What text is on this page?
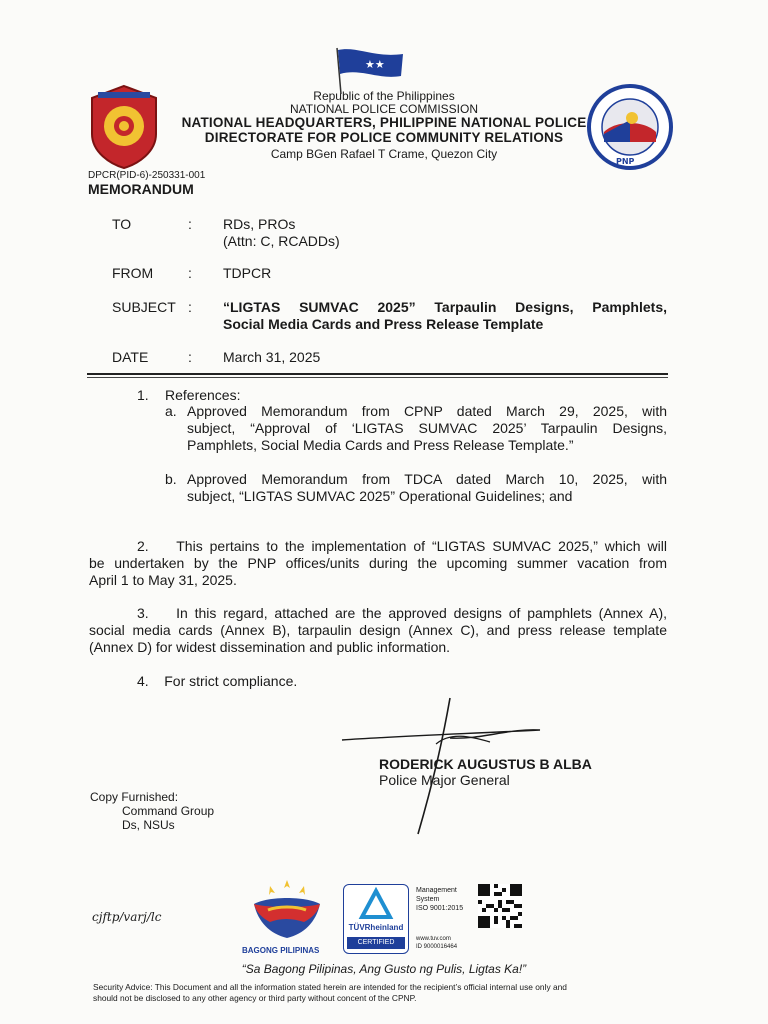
★★
PNP
Republic of the Philippines
NATIONAL POLICE COMMISSION
NATIONAL HEADQUARTERS, PHILIPPINE NATIONAL POLICE
DIRECTORATE FOR POLICE COMMUNITY RELATIONS
Camp BGen Rafael T Crame, Quezon City
DPCR(PID-6)-250331-001
MEMORANDUM
TO	: RDs, PROs
(Attn: C, RCADDs)
FROM : TDPCR
SUBJECT : “LIGTAS SUMVAC 2025” Tarpaulin Designs, Pamphlets,
Social Media Cards and Press Release Template
DATE	: March 31, 2025
1. References:
a. Approved Memorandum from CPNP dated March 29, 2025, with
subject, “Approval of ‘LIGTAS SUMVAC 2025’ Tarpaulin Designs,
Pamphlets, Social Media Cards and Press Release Template.”
b. Approved Memorandum from TDCA dated March 10, 2025, with
subject, “LIGTAS SUMVAC 2025” Operational Guidelines; and
2.    This pertains to the implementation of “LIGTAS SUMVAC 2025,” which will
be undertaken by the PNP offices/units during the upcoming summer vacation from
April 1 to May 31, 2025.
3.    In this regard, attached are the approved designs of pamphlets (Annex A),
social media cards (Annex B), tarpaulin design (Annex C), and press release template
(Annex D) for widest dissemination and public information.
4.    For strict compliance.
RODERICK AUGUSTUS B ALBA
Police Major General
Copy Furnished:
Command Group
Ds, NSUs
cjftp/varj/lc
BAGONG PILIPINAS
TÜVRheinland
CERTIFIED
Management
System
ISO 9001:2015
www.tuv.com
ID 9000016464
“Sa Bagong Pilipinas, Ang Gusto ng Pulis, Ligtas Ka!”
Security Advice: This Document and all the information stated herein are intended for the recipient’s official internal use only and
should not be disclosed to any other agency or third party without concent of the CPNP.
